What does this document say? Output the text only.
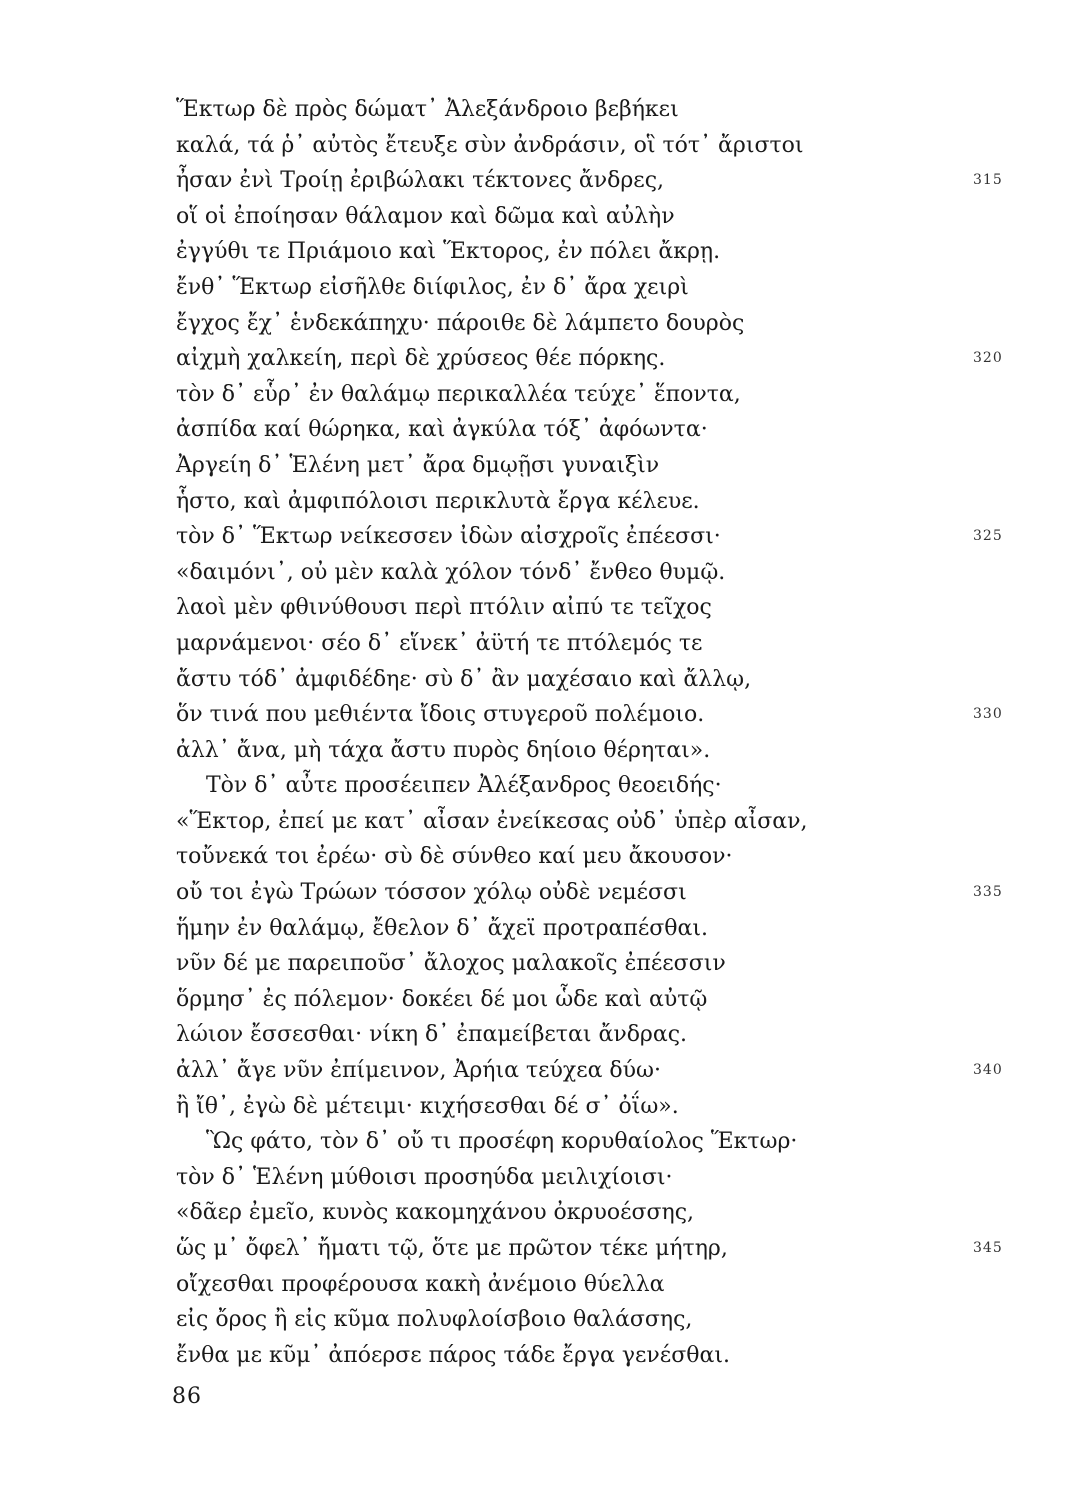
Ἕκτωρ δὲ πρὸς δώματ᾽ Ἀλεξάνδροιο βεβήκει
καλά, τά ῥ᾽ αὐτὸς ἔτευξε σὺν ἀνδράσιν, οἳ τότ᾽ ἄριστοι
ἦσαν ἐνὶ Τροίῃ ἐριβώλακι τέκτονες ἄνδρες,	315
οἵ οἱ ἐποίησαν θάλαμον καὶ δῶμα καὶ αὐλὴν
ἐγγύθι τε Πριάμοιο καὶ Ἕκτορος, ἐν πόλει ἄκρῃ.
ἔνθ᾽ Ἕκτωρ εἰσῆλθε διίφιλος, ἐν δ᾽ ἄρα χειρὶ
ἔγχος ἔχ᾽ ἑνδεκάπηχυ· πάροιθε δὲ λάμπετο δουρὸς
αἰχμὴ χαλκείη, περὶ δὲ χρύσεος θέε πόρκης.	320
τὸν δ᾽ εὗρ᾽ ἐν θαλάμῳ περικαλλέα τεύχε᾽ ἕποντα,
ἀσπίδα καί θώρηκα, καὶ ἀγκύλα τόξ᾽ ἀφόωντα·
Ἀργείη δ᾽ Ἑλένη μετ᾽ ἄρα δμῳῇσι γυναιξὶν
ἧστο, καὶ ἀμφιπόλοισι περικλυτὰ ἔργα κέλευε.
τὸν δ᾽ Ἕκτωρ νείκεσσεν ἰδὼν αἰσχροῖς ἐπέεσσι·	325
«δαιμόνι᾽, οὐ μὲν καλὰ χόλον τόνδ᾽ ἔνθεο θυμῷ.
λαοὶ μὲν φθινύθουσι περὶ πτόλιν αἰπύ τε τεῖχος
μαρνάμενοι· σέο δ᾽ εἵνεκ᾽ ἀϋτή τε πτόλεμός τε
ἄστυ τόδ᾽ ἀμφιδέδηε· σὺ δ᾽ ἂν μαχέσαιο καὶ ἄλλῳ,
ὅν τινά που μεθιέντα ἴδοις στυγεροῦ πολέμοιο.	330
ἀλλ᾽ ἄνα, μὴ τάχα ἄστυ πυρὸς δηίοιο θέρηται».
Τὸν δ᾽ αὖτε προσέειπεν Ἀλέξανδρος θεοειδής·
«Ἕκτορ, ἐπεί με κατ᾽ αἶσαν ἐνείκεσας οὐδ᾽ ὑπὲρ αἶσαν,
τοὔνεκά τοι ἐρέω· σὺ δὲ σύνθεο καί μευ ἄκουσον·
οὔ τοι ἐγὼ Τρώων τόσσον χόλῳ οὐδὲ νεμέσσι	335
ἥμην ἐν θαλάμῳ, ἔθελον δ᾽ ἄχεϊ προτραπέσθαι.
νῦν δέ με παρειποῦσ᾽ ἄλοχος μαλακοῖς ἐπέεσσιν
ὅρμησ᾽ ἐς πόλεμον· δοκέει δέ μοι ὧδε καὶ αὐτῷ
λώιον ἔσσεσθαι· νίκη δ᾽ ἐπαμείβεται ἄνδρας.
ἀλλ᾽ ἄγε νῦν ἐπίμεινον, Ἀρήια τεύχεα δύω·	340
ἢ ἴθ᾽, ἐγὼ δὲ μέτειμι· κιχήσεσθαι δέ σ᾽ ὀΐω».
Ὣς φάτο, τὸν δ᾽ οὔ τι προσέφη κορυθαίολος Ἕκτωρ·
τὸν δ᾽ Ἑλένη μύθοισι προσηύδα μειλιχίοισι·
«δᾶερ ἐμεῖο, κυνὸς κακομηχάνου ὀκρυοέσσης,
ὥς μ᾽ ὄφελ᾽ ἤματι τῷ, ὅτε με πρῶτον τέκε μήτηρ,	345
οἴχεσθαι προφέρουσα κακὴ ἀνέμοιο θύελλα
εἰς ὄρος ἢ εἰς κῦμα πολυφλοίσβοιο θαλάσσης,
ἔνθα με κῦμ᾽ ἀπόερσε πάρος τάδε ἔργα γενέσθαι.
86
